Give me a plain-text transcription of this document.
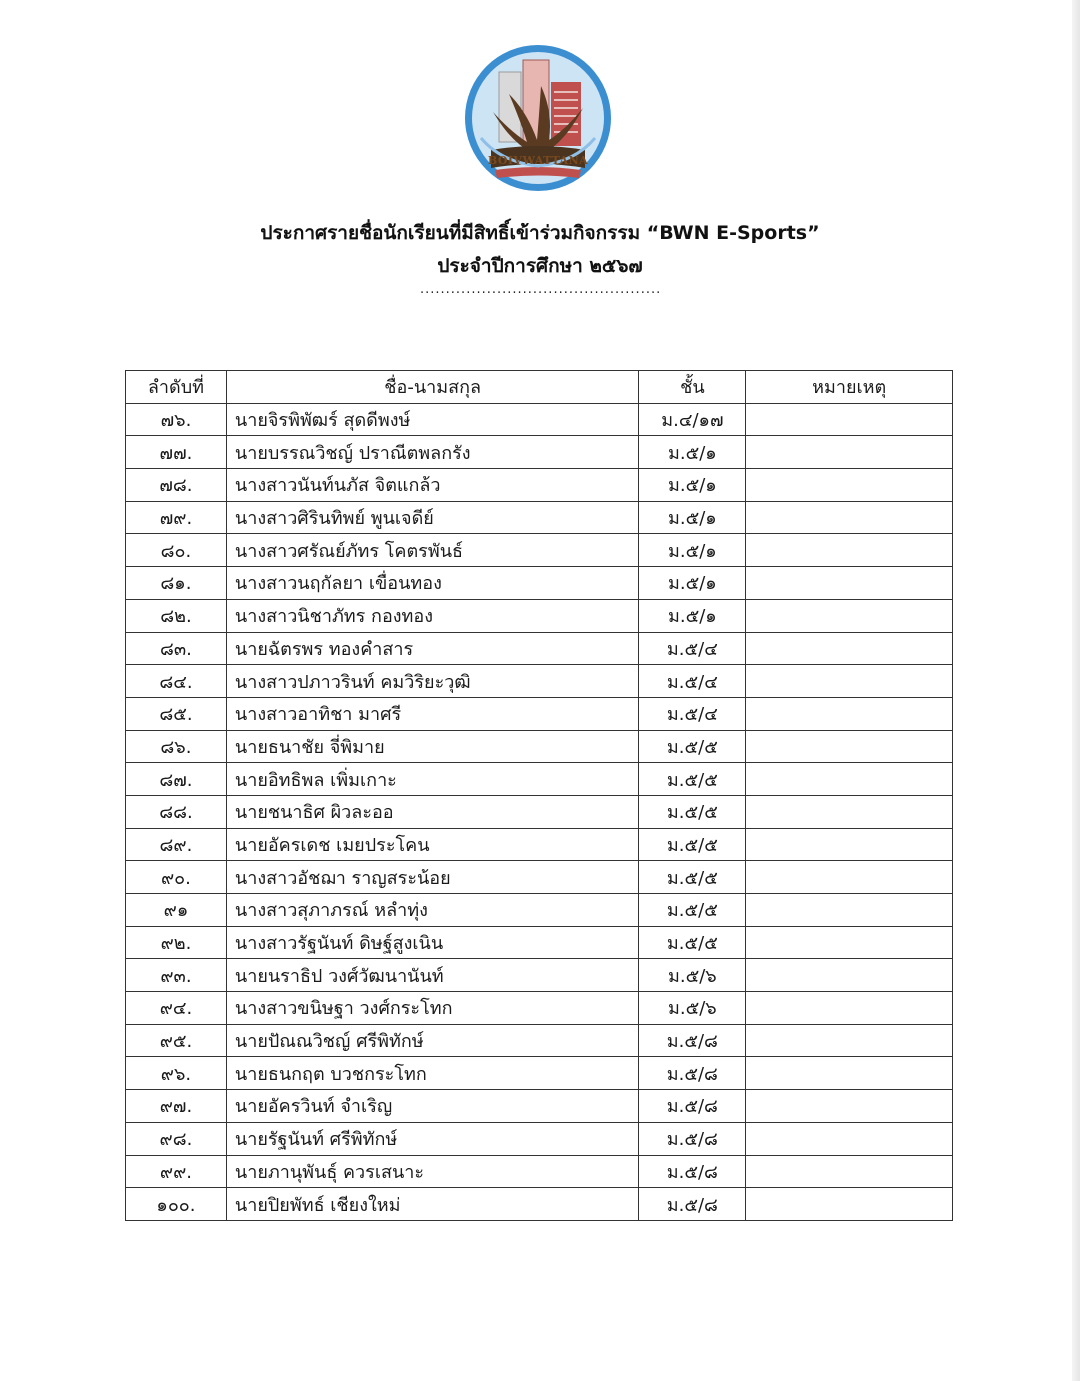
BOIVWATTANA
ประกาศรายชื่อนักเรียนที่มีสิทธิ์เข้าร่วมกิจกรรม “BWN E-Sports”
ประจำปีการศึกษา ๒๕๖๗
...............................................
ลำดับที่	ชื่อ-นามสกุล	ชั้น	หมายเหตุ
๗๖.	นายจิรพิพัฒร์ สุดดีพงษ์	ม.๔/๑๗	
๗๗.	นายบรรณวิชญ์ ปราณีตพลกรัง	ม.๕/๑	
๗๘.	นางสาวนันท์นภัส จิตแกล้ว	ม.๕/๑	
๗๙.	นางสาวศิรินทิพย์ พูนเจดีย์	ม.๕/๑	
๘๐.	นางสาวศรัณย์ภัทร โคตรพันธ์	ม.๕/๑	
๘๑.	นางสาวนฤกัลยา เขื่อนทอง	ม.๕/๑	
๘๒.	นางสาวนิชาภัทร กองทอง	ม.๕/๑	
๘๓.	นายฉัตรพร ทองคำสาร	ม.๕/๔	
๘๔.	นางสาวปภาวรินท์ คมวิริยะวุฒิ	ม.๕/๔	
๘๕.	นางสาวอาทิชา มาศรี	ม.๕/๔	
๘๖.	นายธนาชัย จี่พิมาย	ม.๕/๕	
๘๗.	นายอิทธิพล เพิ่มเกาะ	ม.๕/๕	
๘๘.	นายชนาธิศ ผิวละออ	ม.๕/๕	
๘๙.	นายอัครเดช เมยประโคน	ม.๕/๕	
๙๐.	นางสาวอัชฌา ราญสระน้อย	ม.๕/๕	
๙๑	นางสาวสุภาภรณ์ หลำทุ่ง	ม.๕/๕	
๙๒.	นางสาวรัฐนันท์ ดิษฐ์สูงเนิน	ม.๕/๕	
๙๓.	นายนราธิป วงศ์วัฒนานันท์	ม.๕/๖	
๙๔.	นางสาวขนิษฐา วงศ์กระโทก	ม.๕/๖	
๙๕.	นายปัณณวิชญ์ ศรีพิทักษ์	ม.๕/๘	
๙๖.	นายธนกฤต บวชกระโทก	ม.๕/๘	
๙๗.	นายอัครวินท์ จำเริญ	ม.๕/๘	
๙๘.	นายรัฐนันท์ ศรีพิทักษ์	ม.๕/๘	
๙๙.	นายภานุพันธุ์ ควรเสนาะ	ม.๕/๘	
๑๐๐.	นายปิยพัทธ์ เชียงใหม่	ม.๕/๘	
